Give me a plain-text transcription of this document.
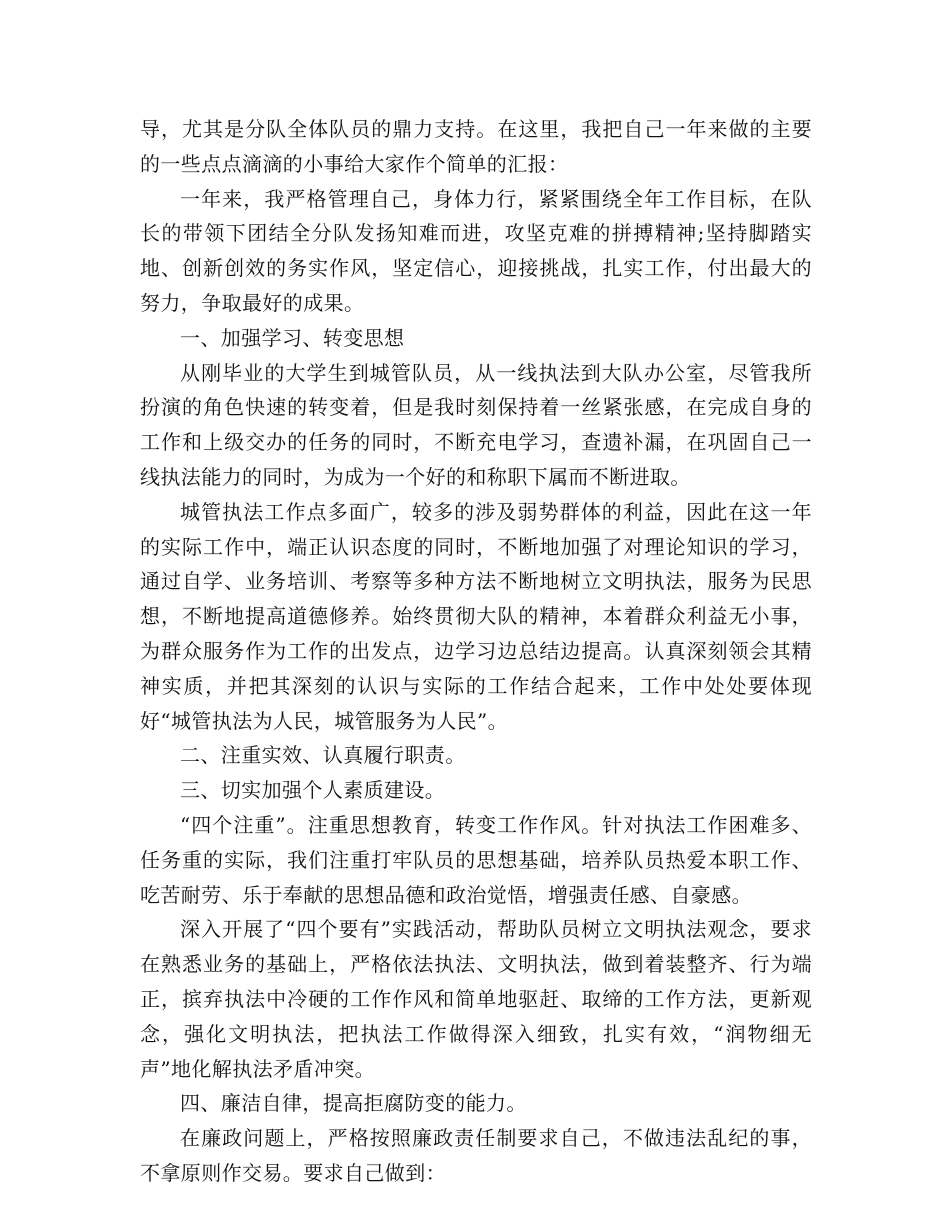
导，尤其是分队全体队员的鼎力支持。在这里，我把自己一年来做的主要的一些点点滴滴的小事给大家作个简单的汇报：

一年来，我严格管理自己，身体力行，紧紧围绕全年工作目标，在队长的带领下团结全分队发扬知难而进，攻坚克难的拼搏精神;坚持脚踏实地、创新创效的务实作风，坚定信心，迎接挑战，扎实工作，付出最大的努力，争取最好的成果。

一、加强学习、转变思想

从刚毕业的大学生到城管队员，从一线执法到大队办公室，尽管我所扮演的角色快速的转变着，但是我时刻保持着一丝紧张感，在完成自身的工作和上级交办的任务的同时，不断充电学习，查遗补漏，在巩固自己一线执法能力的同时，为成为一个好的和称职下属而不断进取。

城管执法工作点多面广，较多的涉及弱势群体的利益，因此在这一年的实际工作中，端正认识态度的同时，不断地加强了对理论知识的学习，通过自学、业务培训、考察等多种方法不断地树立文明执法，服务为民思想，不断地提高道德修养。始终贯彻大队的精神，本着群众利益无小事，为群众服务作为工作的出发点，边学习边总结边提高。认真深刻领会其精神实质，并把其深刻的认识与实际的工作结合起来，工作中处处要体现好“城管执法为人民，城管服务为人民”。

二、注重实效、认真履行职责。

三、切实加强个人素质建设。

“四个注重”。注重思想教育，转变工作作风。针对执法工作困难多、任务重的实际，我们注重打牢队员的思想基础，培养队员热爱本职工作、吃苦耐劳、乐于奉献的思想品德和政治觉悟，增强责任感、自豪感。

深入开展了“四个要有”实践活动，帮助队员树立文明执法观念，要求在熟悉业务的基础上，严格依法执法、文明执法，做到着装整齐、行为端正，摈弃执法中冷硬的工作作风和简单地驱赶、取缔的工作方法，更新观念，强化文明执法，把执法工作做得深入细致，扎实有效，“润物细无声”地化解执法矛盾冲突。

四、廉洁自律，提高拒腐防变的能力。

在廉政问题上，严格按照廉政责任制要求自己，不做违法乱纪的事，不拿原则作交易。要求自己做到：
